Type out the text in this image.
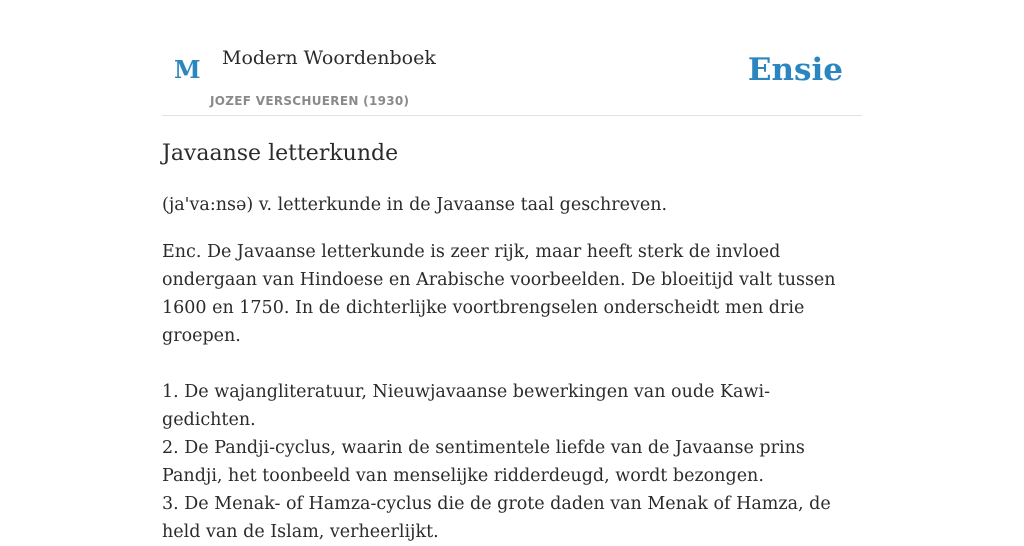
M Modern Woordenboek
JOZEF VERSCHUEREN (1930)
Ensie
Javaanse letterkunde

(ja'va:nsə) v. letterkunde in de Javaanse taal geschreven.

Enc. De Javaanse letterkunde is zeer rijk, maar heeft sterk de invloed ondergaan van Hindoese en Arabische voorbeelden. De bloeitijd valt tussen 1600 en 1750. In de dichterlijke voortbrengselen onderscheidt men drie groepen.

1. De wajangliteratuur, Nieuwjavaanse bewerkingen van oude Kawi-gedichten.
2. De Pandji-cyclus, waarin de sentimentele liefde van de Javaanse prins Pandji, het toonbeeld van menselijke ridderdeugd, wordt bezongen.
3. De Menak- of Hamza-cyclus die de grote daden van Menak of Hamza, de held van de Islam, verheerlijkt.
